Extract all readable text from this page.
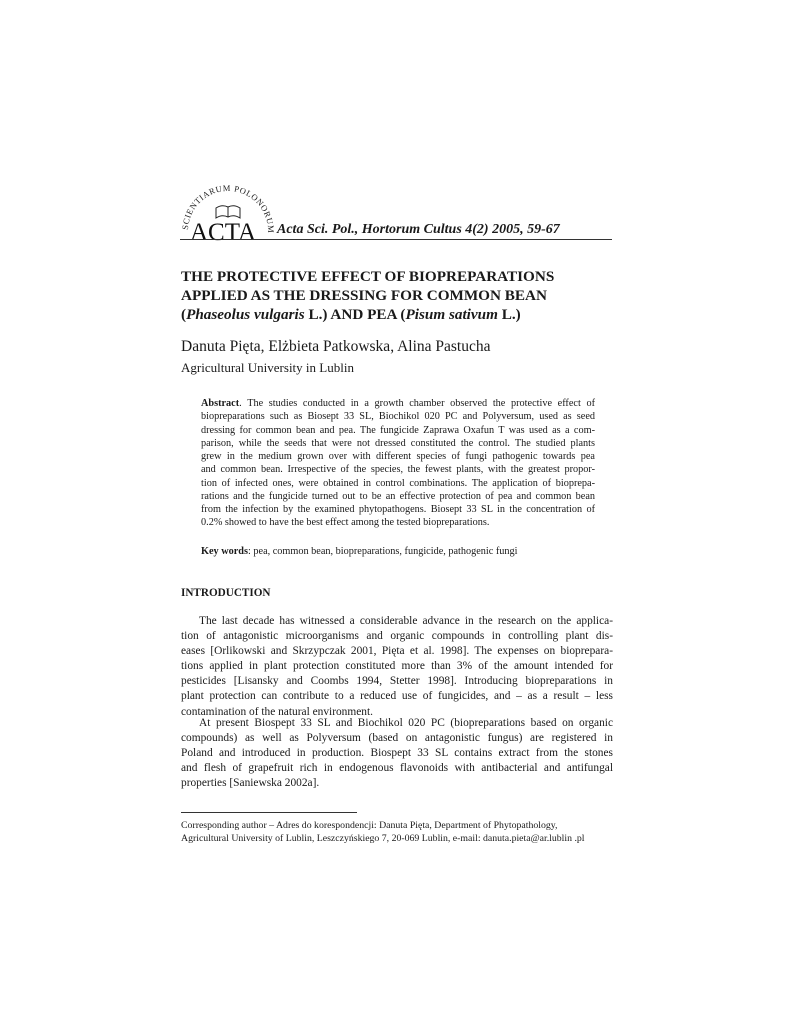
SCIENTIARUM POLONORUM
ACTA Acta Sci. Pol., Hortorum Cultus 4(2) 2005, 59-67
THE PROTECTIVE EFFECT OF BIOPREPARATIONS
APPLIED AS THE DRESSING FOR COMMON BEAN
(Phaseolus vulgaris L.) AND PEA (Pisum sativum L.)
Danuta Pięta, Elżbieta Patkowska, Alina Pastucha
Agricultural University in Lublin
Abstract. The studies conducted in a growth chamber observed the protective effect of
biopreparations such as Biosept 33 SL, Biochikol 020 PC and Polyversum, used as seed
dressing for common bean and pea. The fungicide Zaprawa Oxafun T was used as a com-
parison, while the seeds that were not dressed constituted the control. The studied plants
grew in the medium grown over with different species of fungi pathogenic towards pea
and common bean. Irrespective of the species, the fewest plants, with the greatest propor-
tion of infected ones, were obtained in control combinations. The application of bioprepa-
rations and the fungicide turned out to be an effective protection of pea and common bean
from the infection by the examined phytopathogens. Biosept 33 SL in the concentration of
0.2% showed to have the best effect among the tested biopreparations.
Key words: pea, common bean, biopreparations, fungicide, pathogenic fungi
INTRODUCTION
The last decade has witnessed a considerable advance in the research on the applica-
tion of antagonistic microorganisms and organic compounds in controlling plant dis-
eases [Orlikowski and Skrzypczak 2001, Pięta et al. 1998]. The expenses on bioprepara-
tions applied in plant protection constituted more than 3% of the amount intended for
pesticides [Lisansky and Coombs 1994, Stetter 1998]. Introducing biopreparations in
plant protection can contribute to a reduced use of fungicides, and – as a result – less
contamination of the natural environment.
At present Biospept 33 SL and Biochikol 020 PC (biopreparations based on organic
compounds) as well as Polyversum (based on antagonistic fungus) are registered in
Poland and introduced in production. Biospept 33 SL contains extract from the stones
and flesh of grapefruit rich in endogenous flavonoids with antibacterial and antifungal
properties [Saniewska 2002a].
Corresponding author – Adres do korespondencji: Danuta Pięta, Department of Phytopathology,
Agricultural University of Lublin, Leszczyńskiego 7, 20-069 Lublin, e-mail: danuta.pieta@ar.lublin .pl
